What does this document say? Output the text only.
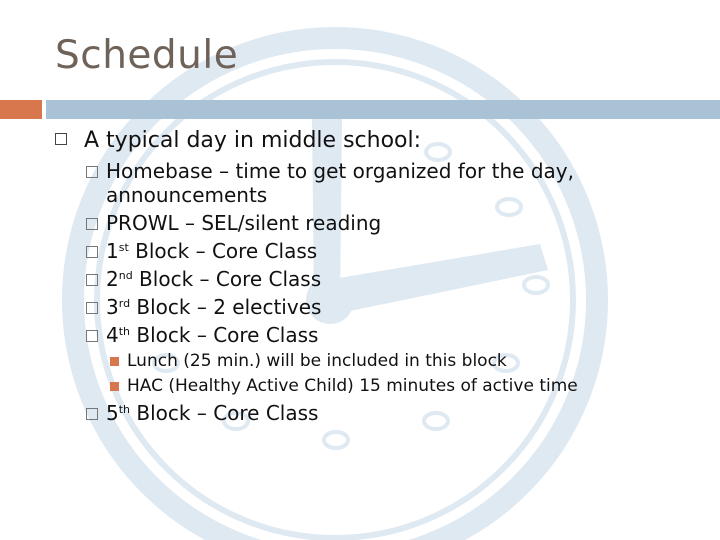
Schedule
A typical day in middle school:
Homebase – time to get organized for the day, announcements
PROWL – SEL/silent reading
1st Block – Core Class
2nd Block – Core Class
3rd Block – 2 electives
4th Block – Core Class
Lunch (25 min.) will be included in this block
HAC (Healthy Active Child) 15 minutes of active time
5th Block – Core Class
